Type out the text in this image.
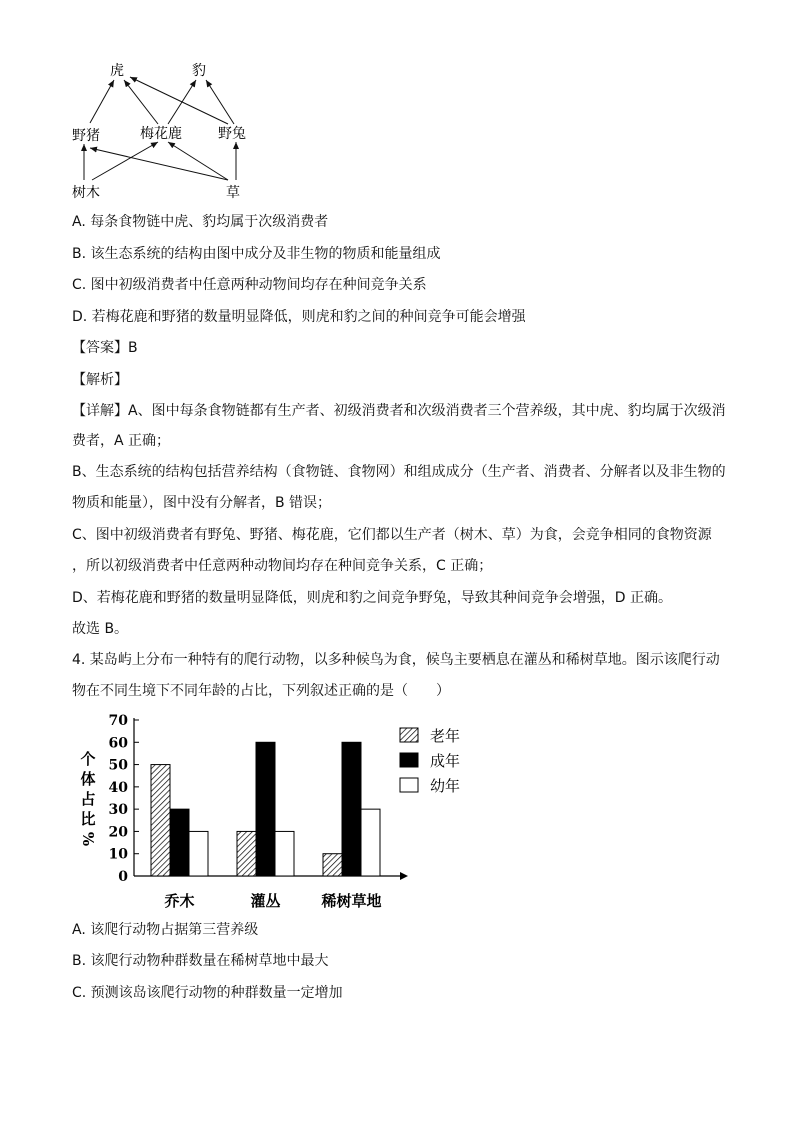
虎	豹
野猪	梅花鹿	野兔
树木	草
A. 每条食物链中虎、豹均属于次级消费者
B. 该生态系统的结构由图中成分及非生物的物质和能量组成
C. 图中初级消费者中任意两种动物间均存在种间竞争关系
D. 若梅花鹿和野猪的数量明显降低，则虎和豹之间的种间竞争可能会增强
【答案】B
【解析】
【详解】A、图中每条食物链都有生产者、初级消费者和次级消费者三个营养级，其中虎、豹均属于次级消
费者，A 正确；
B、生态系统的结构包括营养结构（食物链、食物网）和组成成分（生产者、消费者、分解者以及非生物的
物质和能量），图中没有分解者，B 错误；
C、图中初级消费者有野兔、野猪、梅花鹿，它们都以生产者（树木、草）为食，会竞争相同的食物资源
，所以初级消费者中任意两种动物间均存在种间竞争关系，C 正确；
D、若梅花鹿和野猪的数量明显降低，则虎和豹之间竞争野兔，导致其种间竞争会增强，D 正确。
故选 B。
4. 某岛屿上分布一种特有的爬行动物，以多种候鸟为食，候鸟主要栖息在灌丛和稀树草地。图示该爬行动
物在不同生境下不同年龄的占比，下列叙述正确的是（　　）
0
10
20
30
40
50
60
70
个
体
占
比
%
乔木	灌丛	稀树草地
老年
成年
幼年
A. 该爬行动物占据第三营养级
B. 该爬行动物种群数量在稀树草地中最大
C. 预测该岛该爬行动物的种群数量一定增加
